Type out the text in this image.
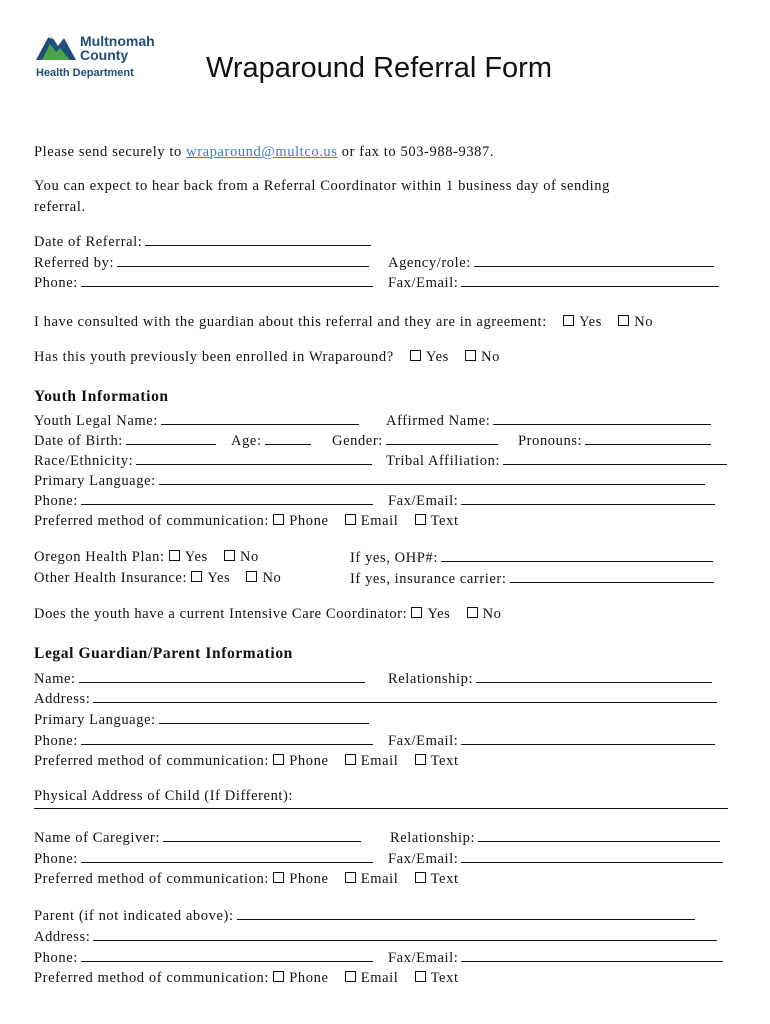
Multnomah
County
Health Department Wraparound Referral Form
Please send securely to wraparound@multco.us or fax to 503-988-9387.
You can expect to hear back from a Referral Coordinator within 1 business day of sending
referral.
Date of Referral:
Referred by:	Agency/role:
Phone:	Fax/Email:
I have consulted with the guardian about this referral and they are in agreement: Yes No
Has this youth previously been enrolled in Wraparound? Yes No
Youth Information
Youth Legal Name:	Affirmed Name:
Date of Birth:	Age:	Gender:	Pronouns:
Race/Ethnicity:	Tribal Affiliation:
Primary Language:
Phone:	Fax/Email:
Preferred method of communication: Phone Email Text
Oregon Health Plan: Yes No	If yes, OHP#:
Other Health Insurance: Yes No	If yes, insurance carrier:
Does the youth have a current Intensive Care Coordinator: Yes No
Legal Guardian/Parent Information
Name:	Relationship:
Address:
Primary Language:
Phone:	Fax/Email:
Preferred method of communication: Phone Email Text
Physical Address of Child (If Different):
Name of Caregiver:	Relationship:
Phone:	Fax/Email:
Preferred method of communication: Phone Email Text
Parent (if not indicated above):
Address:
Phone:	Fax/Email:
Preferred method of communication: Phone Email Text
